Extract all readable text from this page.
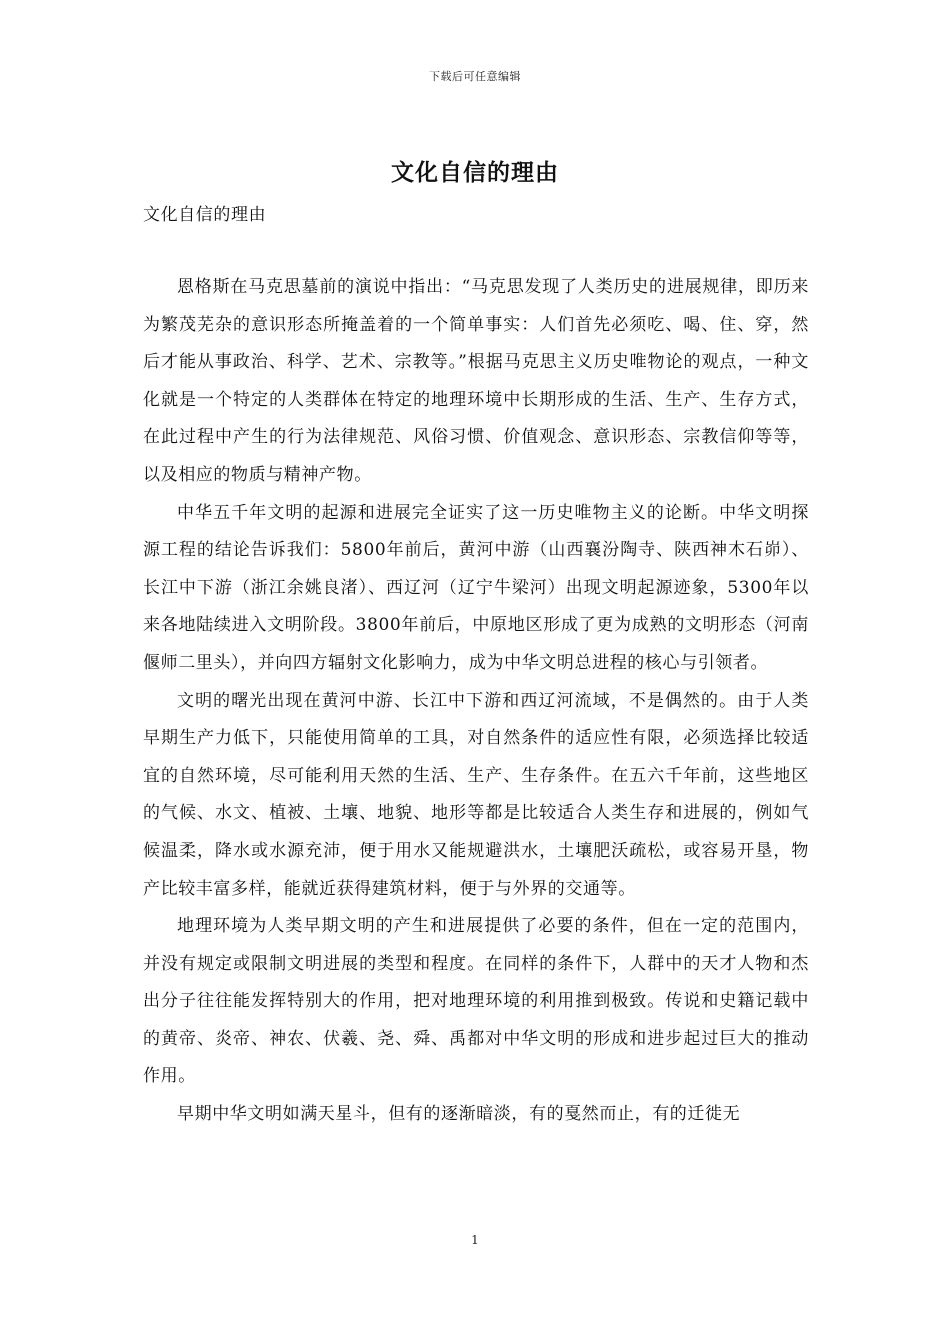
下载后可任意编辑
文化自信的理由
文化自信的理由

恩格斯在马克思墓前的演说中指出：“马克思发现了人类历史的进展规律，即历来为繁茂芜杂的意识形态所掩盖着的一个简单事实：人们首先必须吃、喝、住、穿，然后才能从事政治、科学、艺术、宗教等。”根据马克思主义历史唯物论的观点，一种文化就是一个特定的人类群体在特定的地理环境中长期形成的生活、生产、生存方式，在此过程中产生的行为法律规范、风俗习惯、价值观念、意识形态、宗教信仰等等，以及相应的物质与精神产物。

中华五千年文明的起源和进展完全证实了这一历史唯物主义的论断。中华文明探源工程的结论告诉我们：5800年前后，黄河中游（山西襄汾陶寺、陕西神木石峁）、长江中下游（浙江余姚良渚）、西辽河（辽宁牛梁河）出现文明起源迹象，5300年以来各地陆续进入文明阶段。3800年前后，中原地区形成了更为成熟的文明形态（河南偃师二里头），并向四方辐射文化影响力，成为中华文明总进程的核心与引领者。

文明的曙光出现在黄河中游、长江中下游和西辽河流域，不是偶然的。由于人类早期生产力低下，只能使用简单的工具，对自然条件的适应性有限，必须选择比较适宜的自然环境，尽可能利用天然的生活、生产、生存条件。在五六千年前，这些地区的气候、水文、植被、土壤、地貌、地形等都是比较适合人类生存和进展的，例如气候温柔，降水或水源充沛，便于用水又能规避洪水，土壤肥沃疏松，或容易开垦，物产比较丰富多样，能就近获得建筑材料，便于与外界的交通等。

地理环境为人类早期文明的产生和进展提供了必要的条件，但在一定的范围内，并没有规定或限制文明进展的类型和程度。在同样的条件下，人群中的天才人物和杰出分子往往能发挥特别大的作用，把对地理环境的利用推到极致。传说和史籍记载中的黄帝、炎帝、神农、伏羲、尧、舜、禹都对中华文明的形成和进步起过巨大的推动作用。

早期中华文明如满天星斗，但有的逐渐暗淡，有的戛然而止，有的迁徙无

1
